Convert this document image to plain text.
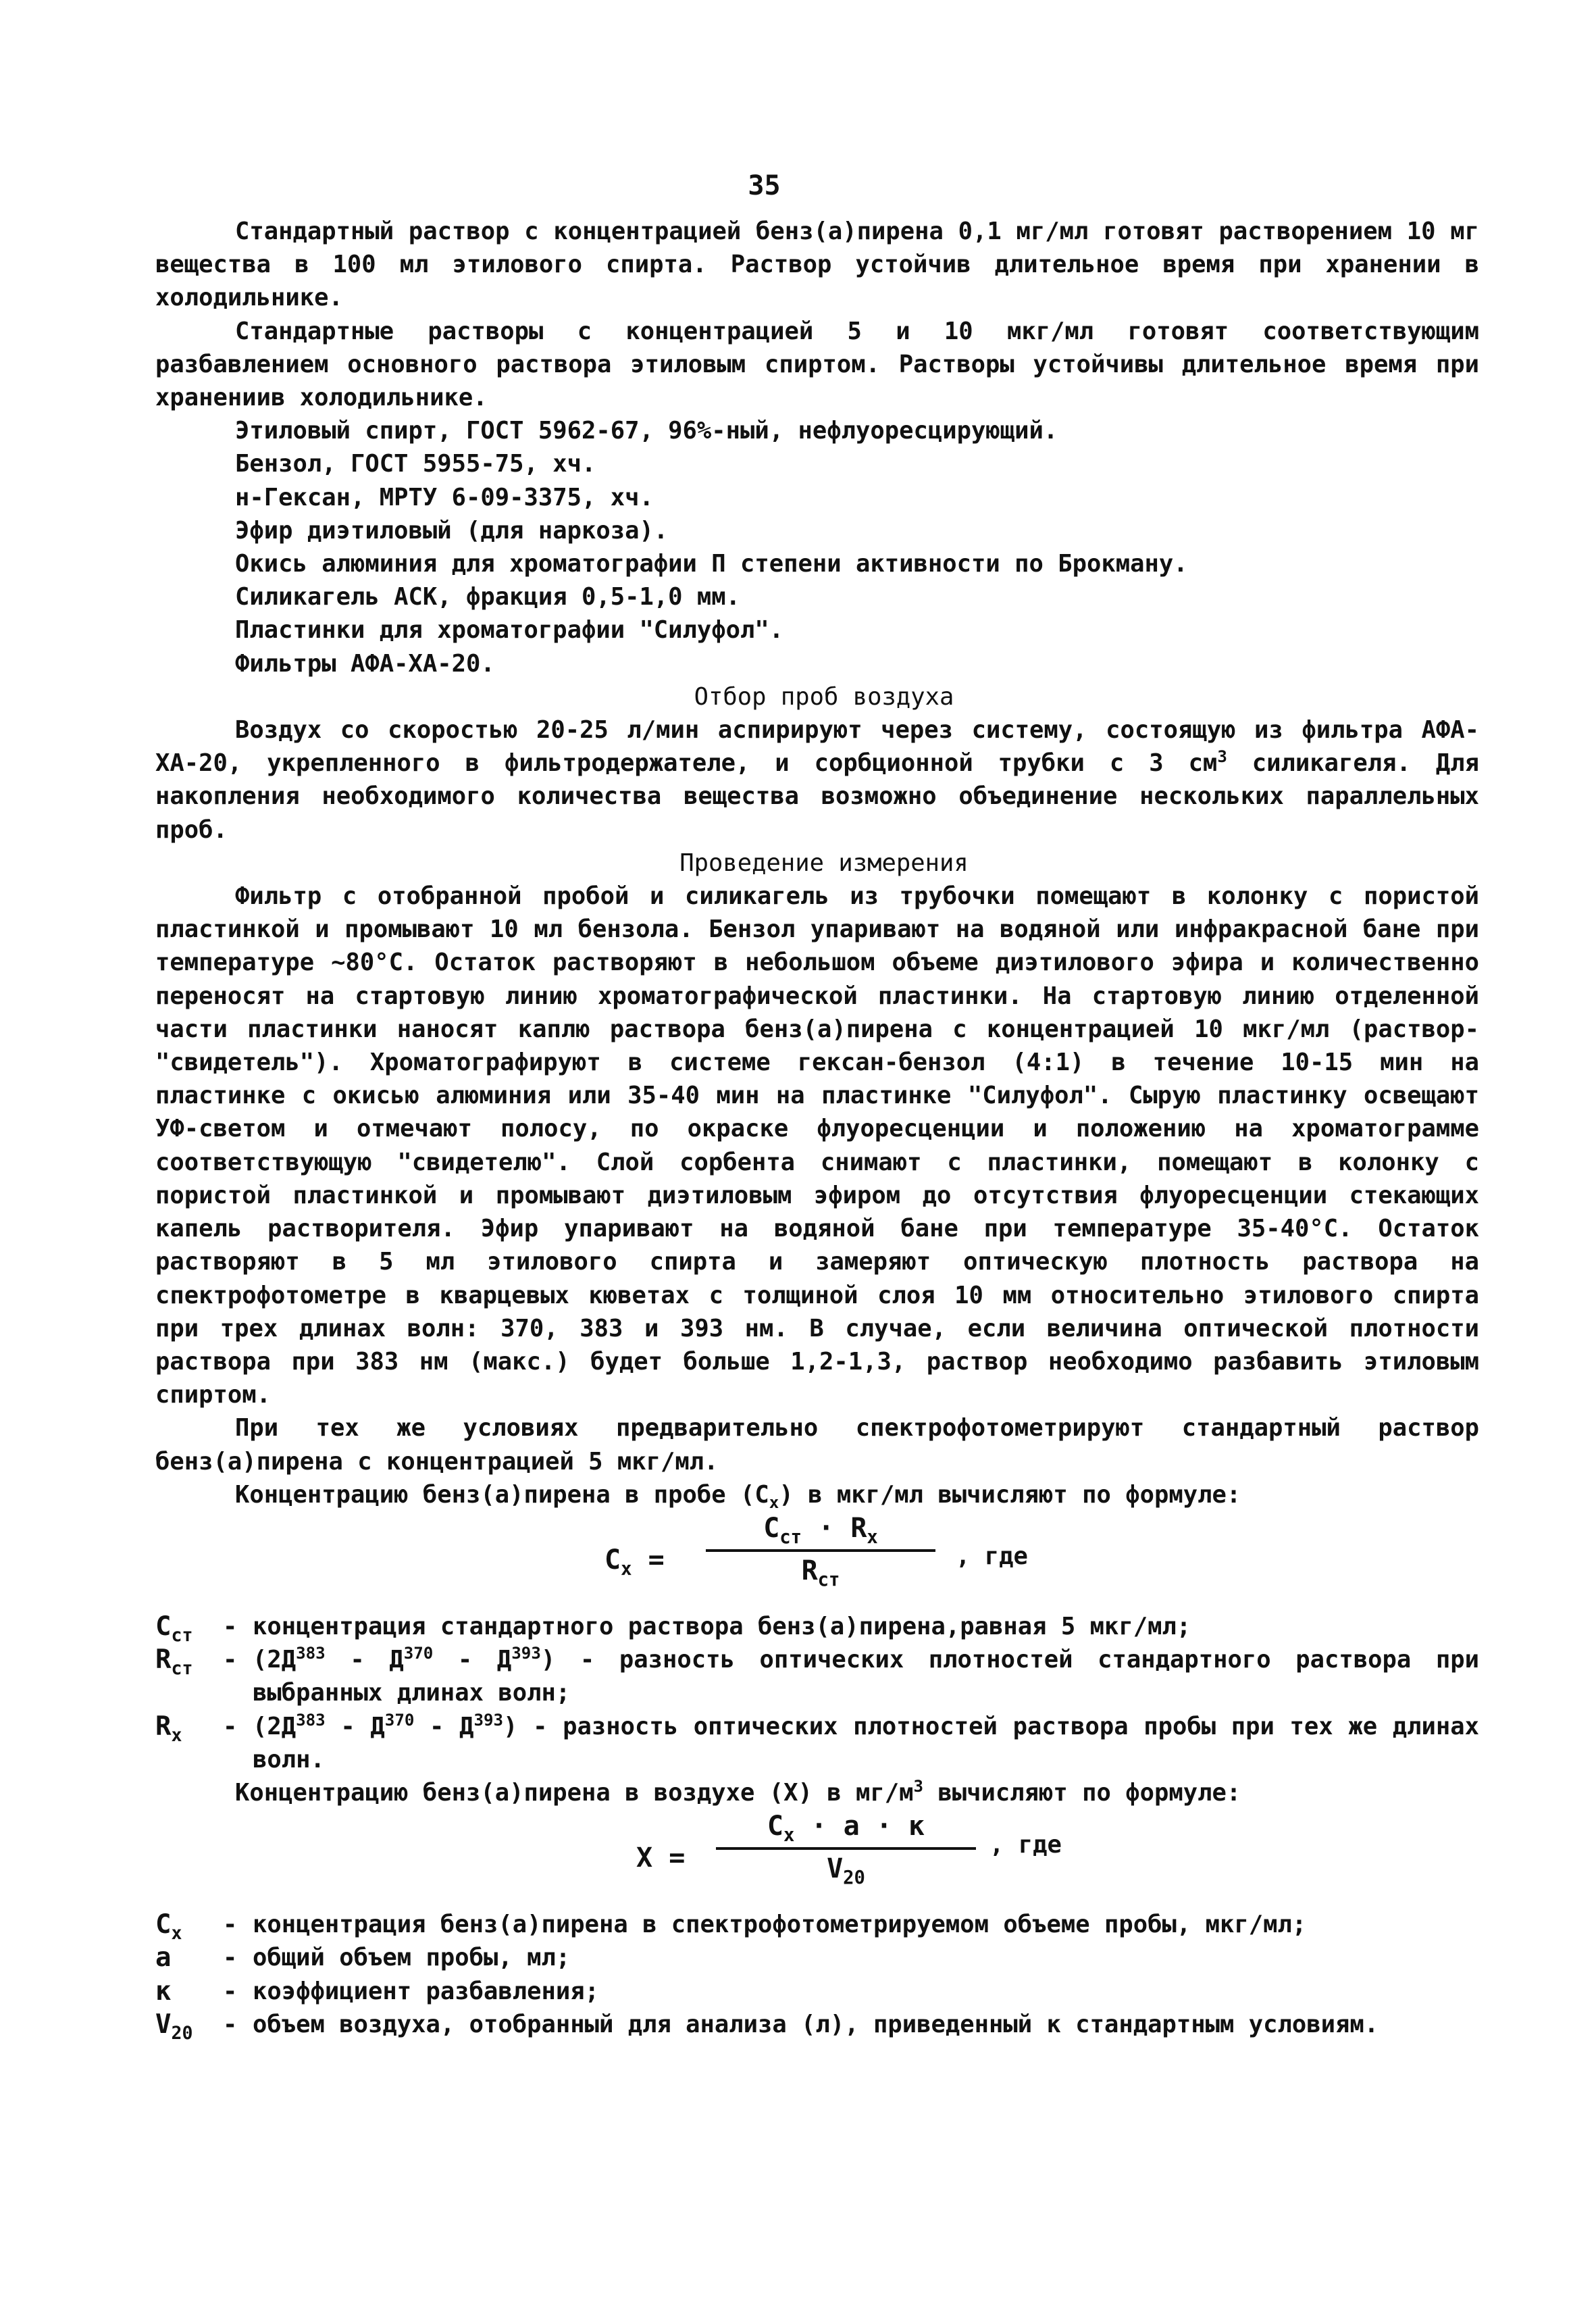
35

Стандартный раствор с концентрацией бенз(а)пирена 0,1 мг/мл готовят растворением 10 мг вещества в 100 мл этилового спирта. Раствор устойчив длительное время при хранении в холодильнике.

Стандартные растворы с концентрацией 5 и 10 мкг/мл готовят соответствующим разбавлением основного раствора этиловым спиртом. Растворы устойчивы длительное время при хранениив холодильнике.

Этиловый спирт, ГОСТ 5962-67, 96%-ный, нефлуоресцирующий.

Бензол, ГОСТ 5955-75, хч.

н-Гексан, МРТУ 6-09-3375, хч.

Эфир диэтиловый (для наркоза).

Окись алюминия для хроматографии П степени активности по Брокману.

Силикагель АСК, фракция 0,5-1,0 мм.

Пластинки для хроматографии "Силуфол".

Фильтры АФА-ХА-20.

Отбор проб воздуха

Воздух со скоростью 20-25 л/мин аспирируют через систему, состоящую из фильтра АФА-ХА-20, укрепленного в фильтродержателе, и сорбционной трубки с 3 $см^3$ силикагеля. Для накопления необходимого количества вещества возможно объединение нескольких параллельных проб.

Проведение измерения

Фильтр с отобранной пробой и силикагель из трубочки помещают в колонку с пористой пластинкой и промывают 10 мл бензола. Бензол упаривают на водяной или инфракрасной бане при температуре ~80°С. Остаток растворяют в небольшом объеме диэтилового эфира и количественно переносят на стартовую линию хроматографической пластинки. На стартовую линию отделенной части пластинки наносят каплю раствора бенз(а)пирена с концентрацией 10 мкг/мл (раствор-"свидетель"). Хроматографируют в системе гексан-бензол (4:1) в течение 10-15 мин на пластинке с окисью алюминия или 35-40 мин на пластинке "Силуфол". Сырую пластинку освещают УФ-светом и отмечают полосу, по окраске флуоресценции и положению на хроматограмме соответствующую "свидетелю". Слой сорбента снимают с пластинки, помещают в колонку с пористой пластинкой и промывают диэтиловым эфиром до отсутствия флуоресценции стекающих капель растворителя. Эфир упаривают на водяной бане при температуре 35-40°С. Остаток растворяют в 5 мл этилового спирта и замеряют оптическую плотность раствора на спектрофотометре в кварцевых кюветах с толщиной слоя 10 мм относительно этилового спирта при трех длинах волн: 370, 383 и 393 нм. В случае, если величина оптической плотности раствора при 383 нм (макс.) будет больше 1,2-1,3, раствор необходимо разбавить этиловым спиртом.

При тех же условиях предварительно спектрофотометрируют стандартный раствор бенз(а)пирена с концентрацией 5 мкг/мл.

Концентрацию бенз(а)пирена в пробе $(С_х)$ в мкг/мл вычисляют по формуле:

$С_х$ =
$С_{ст} \cdot R_х$
$R_{ст}$
, где
$С_{ст}$	- концентрация стандартного раствора бенз(а)пирена,равная 5 мкг/мл;
$R_{ст}$	- $(2Д^{383} - Д^{370} - Д^{393})$ - разность оптических плотностей стандартного раствора при выбранных длинах волн;
$R_х$	- $(2Д^{383} - Д^{370} - Д^{393})$ - разность оптических плотностей раствора пробы при тех же длинах волн.

Концентрацию бенз(а)пирена в воздухе (X) в $мг/м^3$ вычисляют по формуле:

X =
$С_х \cdot а \cdot к$
$V_{20}$
, где
$С_х$	- концентрация бенз(а)пирена в спектрофотометрируемом объеме пробы, мкг/мл;
а	- общий объем пробы, мл;
к	- коэффициент разбавления;
$V_{20}$	- объем воздуха, отобранный для анализа (л), приведенный к стандартным условиям.
